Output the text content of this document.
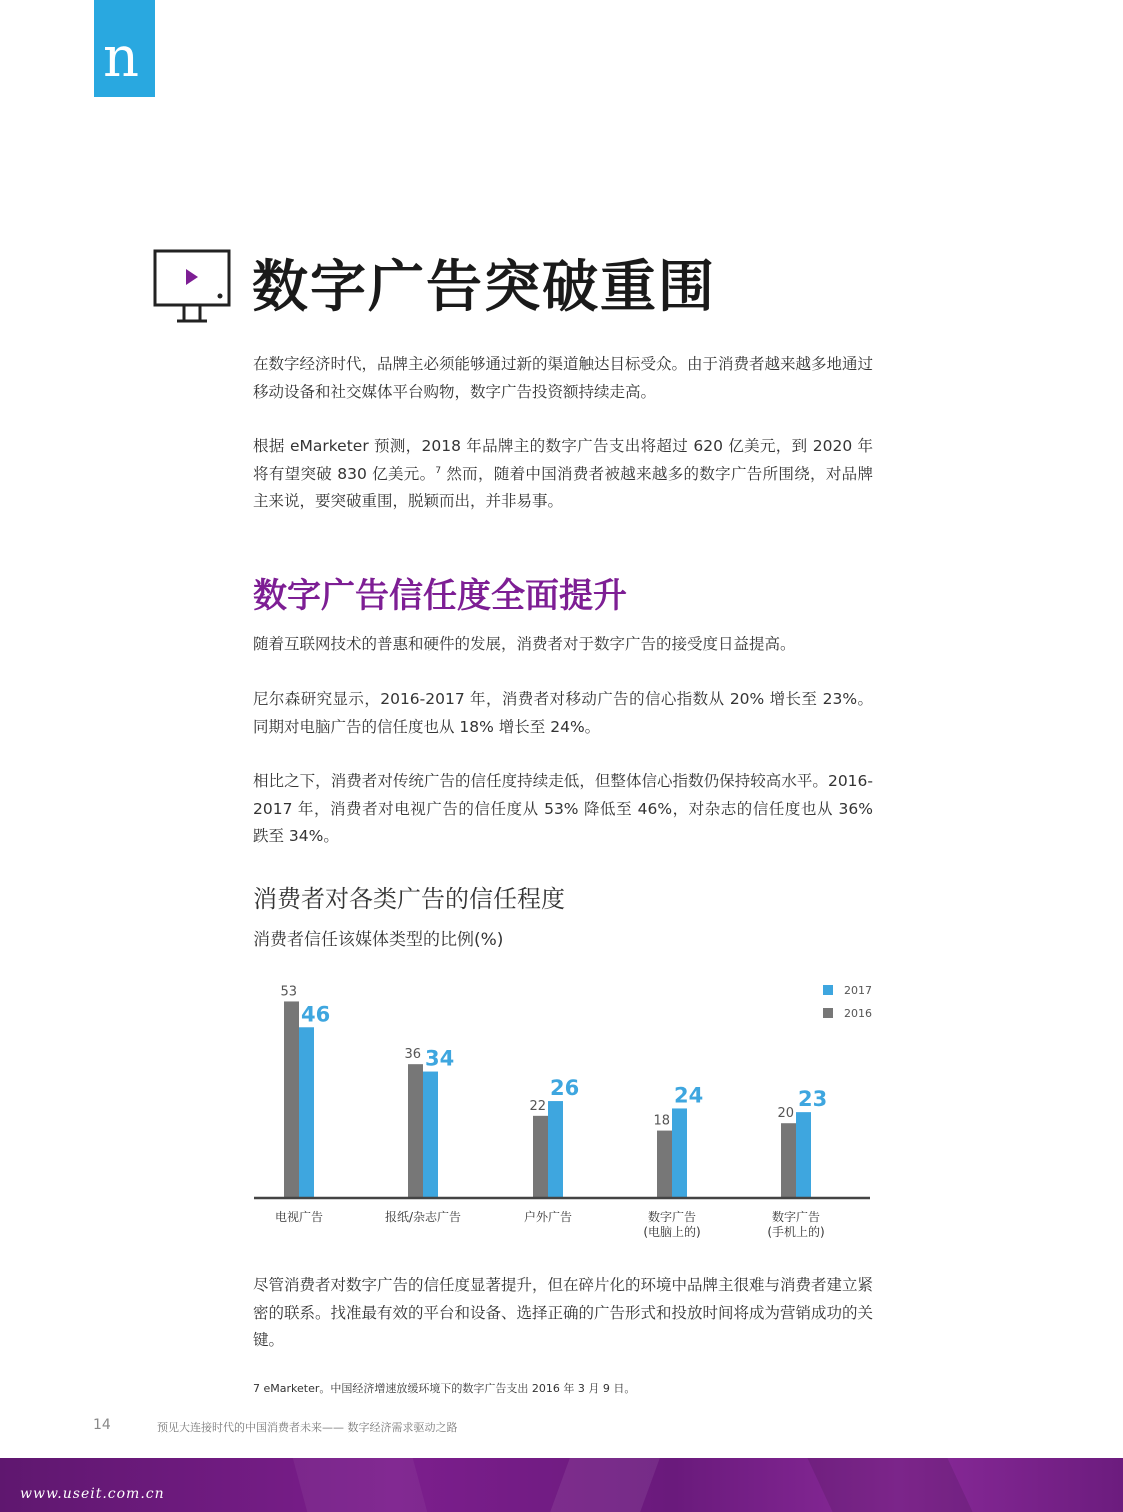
n
数字广告突破重围

在数字经济时代，品牌主必须能够通过新的渠道触达目标受众。由于消费者越来越多地通过移动设备和社交媒体平台购物，数字广告投资额持续走高。

根据 eMarketer 预测，2018 年品牌主的数字广告支出将超过 620 亿美元，到 2020 年将有望突破 830 亿美元。$^7$ 然而，随着中国消费者被越来越多的数字广告所围绕，对品牌主来说，要突破重围，脱颖而出，并非易事。

数字广告信任度全面提升

随着互联网技术的普惠和硬件的发展，消费者对于数字广告的接受度日益提高。

尼尔森研究显示，2016-2017 年，消费者对移动广告的信心指数从 20% 增长至 23%。同期对电脑广告的信任度也从 18% 增长至 24%。

相比之下，消费者对传统广告的信任度持续走低，但整体信心指数仍保持较高水平。2016-2017 年，消费者对电视广告的信任度从 53% 降低至 46%，对杂志的信任度也从 36% 跌至 34%。

消费者对各类广告的信任程度
消费者信任该媒体类型的比例(%)
53
46
电视广告
36 34
报纸/杂志广告
22
26
户外广告
18
24
数字广告
(电脑上的)
20
23
数字广告
(手机上的)
2017
2016

尽管消费者对数字广告的信任度显著提升，但在碎片化的环境中品牌主很难与消费者建立紧密的联系。找准最有效的平台和设备、选择正确的广告形式和投放时间将成为营销成功的关键。

7 eMarketer。中国经济增速放缓环境下的数字广告支出 2016 年 3 月 9 日。

14	预见大连接时代的中国消费者未来—— 数字经济需求驱动之路
www.useit.com.cn
